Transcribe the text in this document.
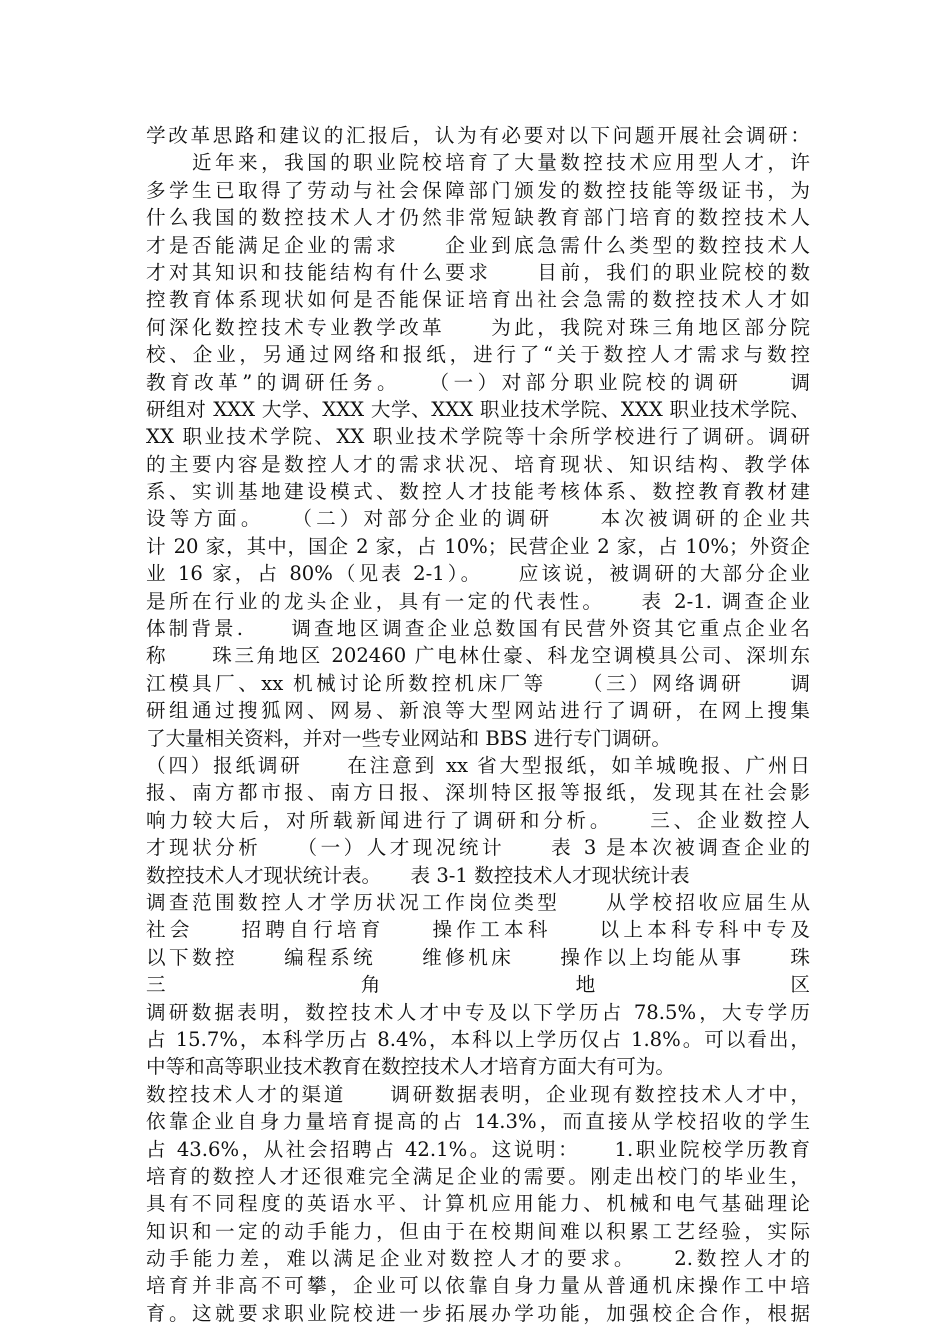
学改革思路和建议的汇报后，认为有必要对以下问题开展社会调研：
　　近年来，我国的职业院校培育了大量数控技术应用型人才，许
多学生已取得了劳动与社会保障部门颁发的数控技能等级证书，为
什么我国的数控技术人才仍然非常短缺教育部门培育的数控技术人
才是否能满足企业的需求　　企业到底急需什么类型的数控技术人
才对其知识和技能结构有什么要求　　目前，我们的职业院校的数
控教育体系现状如何是否能保证培育出社会急需的数控技术人才如
何深化数控技术专业教学改革　　为此，我院对珠三角地区部分院
校、企业，另通过网络和报纸，进行了“关于数控人才需求与数控
教育改革”的调研任务。　　（一）对部分职业院校的调研　　调
研组对 XXX 大学、XXX 大学、XXX 职业技术学院、XXX 职业技术学院、
XX 职业技术学院、XX 职业技术学院等十余所学校进行了调研。调研
的主要内容是数控人才的需求状况、培育现状、知识结构、教学体
系、实训基地建设模式、数控人才技能考核体系、数控教育教材建
设等方面。　　（二）对部分企业的调研　　本次被调研的企业共
计 20 家，其中，国企 2 家，占 10%；民营企业 2 家，占 10%；外资企
业 16 家，占 80%（见表 2-1）。　　应该说，被调研的大部分企业
是所在行业的龙头企业，具有一定的代表性。　　表 2-1. 调查企业
体制背景.　　调查地区调查企业总数国有民营外资其它重点企业名
称　　珠三角地区 202460 广电林仕豪、科龙空调模具公司、深圳东
江模具厂、xx 机械讨论所数控机床厂等　　（三）网络调研　　调
研组通过搜狐网、网易、新浪等大型网站进行了调研，在网上搜集
了大量相关资料，并对一些专业网站和 BBS 进行专门调研。
（四）报纸调研　　在注意到 xx 省大型报纸，如羊城晚报、广州日
报、南方都市报、南方日报、深圳特区报等报纸，发现其在社会影
响力较大后，对所载新闻进行了调研和分析。　　三、企业数控人
才现状分析　　（一）人才现况统计　　表 3 是本次被调查企业的
数控技术人才现状统计表。　　表 3-1 数控技术人才现状统计表
调查范围数控人才学历状况工作岗位类型　　从学校招收应届生从
社会　　招聘自行培育　　操作工本科　　以上本科专科中专及
以下数控　　编程系统　　维修机床　　操作以上均能从事　　珠
三角地区
调研数据表明，数控技术人才中专及以下学历占 78.5%，大专学历
占 15.7%，本科学历占 8.4%，本科以上学历仅占 1.8%。可以看出，
中等和高等职业技术教育在数控技术人才培育方面大有可为。
数控技术人才的渠道　　调研数据表明，企业现有数控技术人才中，
依靠企业自身力量培育提高的占 14.3%，而直接从学校招收的学生
占 43.6%，从社会招聘占 42.1%。这说明：　　1.职业院校学历教育
培育的数控人才还很难完全满足企业的需要。刚走出校门的毕业生，
具有不同程度的英语水平、计算机应用能力、机械和电气基础理论
知识和一定的动手能力，但由于在校期间难以积累工艺经验，实际
动手能力差，难以满足企业对数控人才的要求。　　2.数控人才的
培育并非高不可攀，企业可以依靠自身力量从普通机床操作工中培
育。这就要求职业院校进一步拓展办学功能，加强校企合作，根据
